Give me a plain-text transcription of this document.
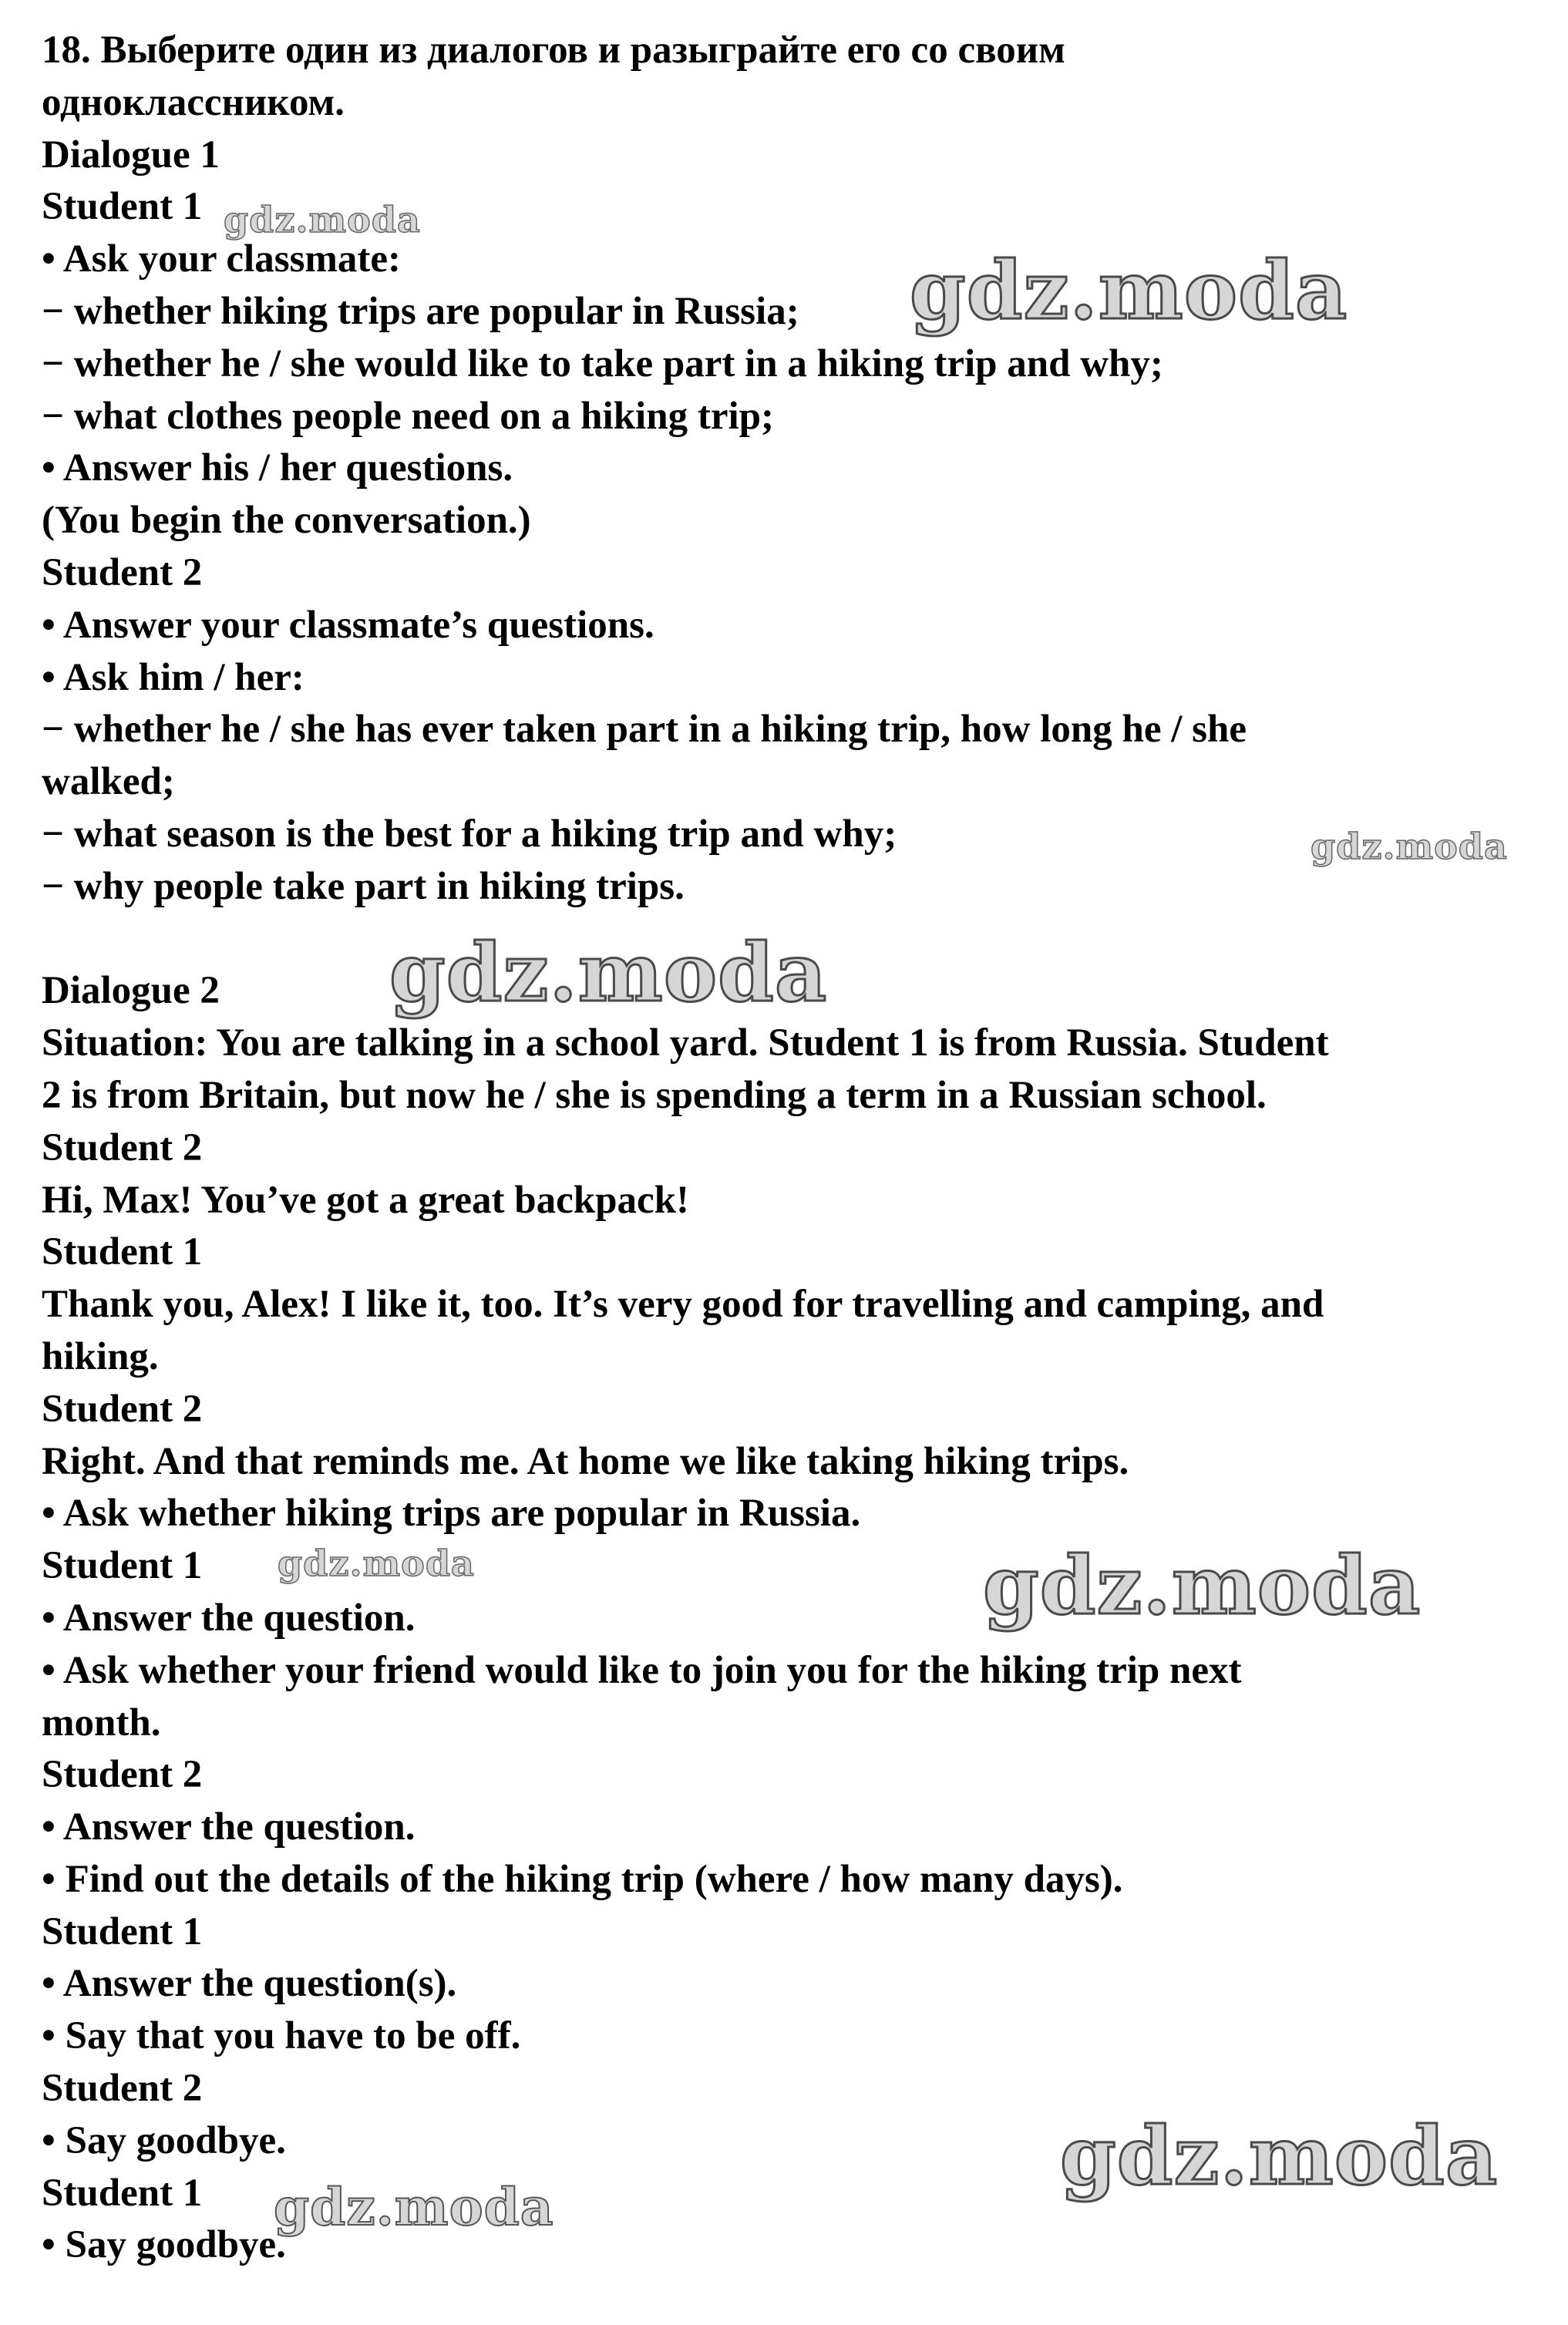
18. Выберите один из диалогов и разыграйте его со своим
одноклассником.
Dialogue 1
Student 1
• Ask your classmate:
− whether hiking trips are popular in Russia;
− whether he / she would like to take part in a hiking trip and why;
− what clothes people need on a hiking trip;
• Answer his / her questions.
(You begin the conversation.)
Student 2
• Answer your classmate’s questions.
• Ask him / her:
− whether he / she has ever taken part in a hiking trip, how long he / she
walked;
− what season is the best for a hiking trip and why;
− why people take part in hiking trips.
Dialogue 2
Situation: You are talking in a school yard. Student 1 is from Russia. Student
2 is from Britain, but now he / she is spending a term in a Russian school.
Student 2
Hi, Max! You’ve got a great backpack!
Student 1
Thank you, Alex! I like it, too. It’s very good for travelling and camping, and
hiking.
Student 2
Right. And that reminds me. At home we like taking hiking trips.
• Ask whether hiking trips are popular in Russia.
Student 1
• Answer the question.
• Ask whether your friend would like to join you for the hiking trip next
month.
Student 2
• Answer the question.
• Find out the details of the hiking trip (where / how many days).
Student 1
• Answer the question(s).
• Say that you have to be off.
Student 2
• Say goodbye.
Student 1
• Say goodbye.
gdz.moda
gdz.moda
gdz.moda
gdz.moda
gdz.moda	gdz.moda
gdz.moda
gdz.moda
